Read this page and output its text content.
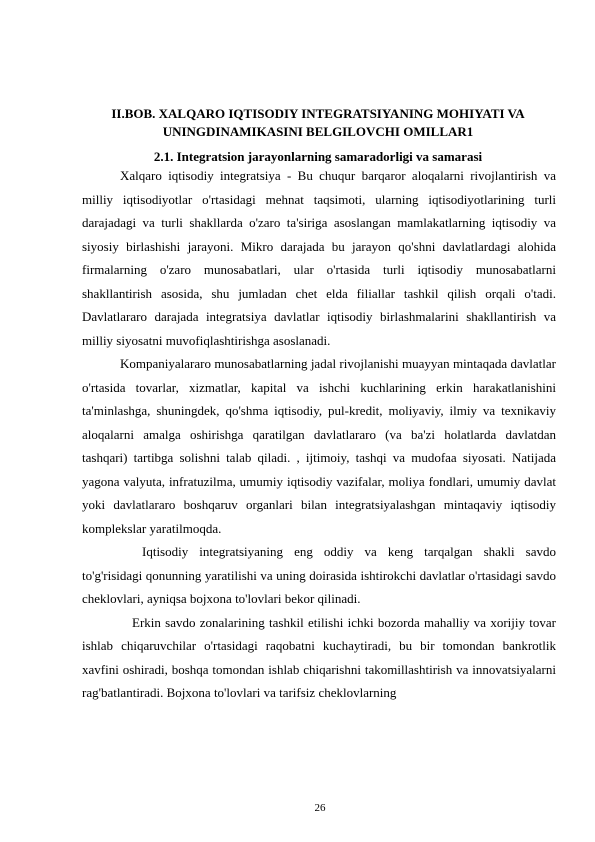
II.BOB. XALQARO IQTISODIY INTEGRATSIYANING MOHIYATI VA UNINGDINAMIKASINI BELGILOVCHI OMILLAR1
2.1. Integratsion jarayonlarning samaradorligi va samarasi

Xalqaro iqtisodiy integratsiya - Bu chuqur barqaror aloqalarni rivojlantirish va milliy iqtisodiyotlar o'rtasidagi mehnat taqsimoti, ularning iqtisodiyotlarining turli darajadagi va turli shakllarda o'zaro ta'siriga asoslangan mamlakatlarning iqtisodiy va siyosiy birlashishi jarayoni. Mikro darajada bu jarayon qo'shni davlatlardagi alohida firmalarning o'zaro munosabatlari, ular o'rtasida turli iqtisodiy munosabatlarni shakllantirish asosida, shu jumladan chet elda filiallar tashkil qilish orqali o'tadi. Davlatlararo darajada integratsiya davlatlar iqtisodiy birlashmalarini shakllantirish va milliy siyosatni muvofiqlashtirishga asoslanadi.

Kompaniyalararo munosabatlarning jadal rivojlanishi muayyan mintaqada davlatlar o'rtasida tovarlar, xizmatlar, kapital va ishchi kuchlarining erkin harakatlanishini ta'minlashga, shuningdek, qo'shma iqtisodiy, pul-kredit, moliyaviy, ilmiy va texnikaviy aloqalarni amalga oshirishga qaratilgan davlatlararo (va ba'zi holatlarda davlatdan tashqari) tartibga solishni talab qiladi. , ijtimoiy, tashqi va mudofaa siyosati. Natijada yagona valyuta, infratuzilma, umumiy iqtisodiy vazifalar, moliya fondlari, umumiy davlat yoki davlatlararo boshqaruv organlari bilan integratsiyalashgan mintaqaviy iqtisodiy komplekslar yaratilmoqda.

Iqtisodiy integratsiyaning eng oddiy va keng tarqalgan shakli savdo to'g'risidagi qonunning yaratilishi va uning doirasida ishtirokchi davlatlar o'rtasidagi savdo cheklovlari, ayniqsa bojxona to'lovlari bekor qilinadi.

Erkin savdo zonalarining tashkil etilishi ichki bozorda mahalliy va xorijiy tovar ishlab chiqaruvchilar o'rtasidagi raqobatni kuchaytiradi, bu bir tomondan bankrotlik xavfini oshiradi, boshqa tomondan ishlab chiqarishni takomillashtirish va innovatsiyalarni rag'batlantiradi. Bojxona to'lovlari va tarifsiz cheklovlarning

26
